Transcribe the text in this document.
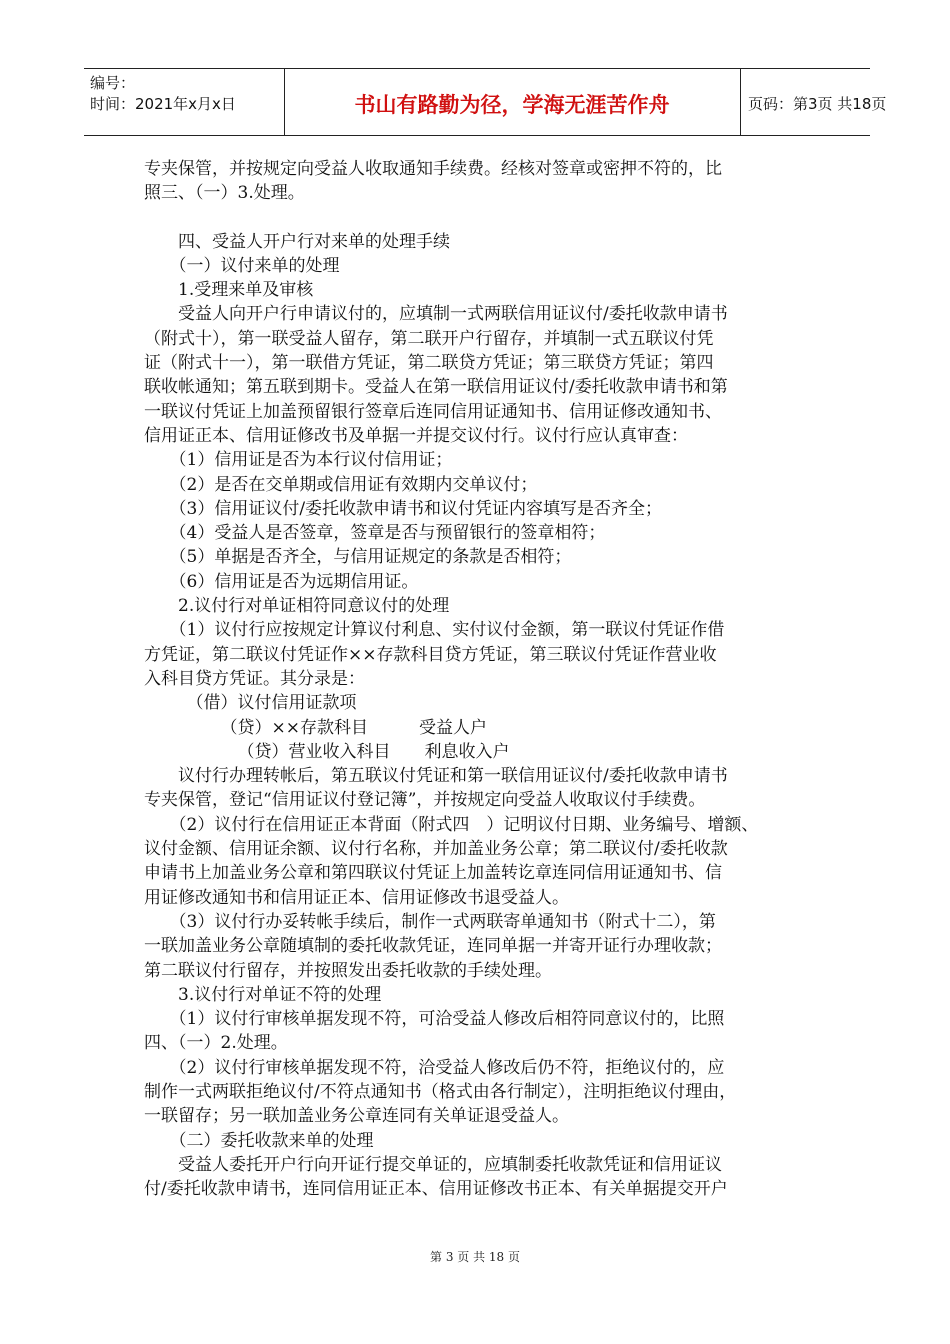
编号：
时间：2021年x月x日	书山有路勤为径，学海无涯苦作舟	页码：第3页 共18页

专夹保管，并按规定向受益人收取通知手续费。经核对签章或密押不符的，比

照三、（一）3.处理。

　　四、受益人开户行对来单的处理手续

　　（一）议付来单的处理

　　1.受理来单及审核

　　受益人向开户行申请议付的，应填制一式两联信用证议付/委托收款申请书

（附式十），第一联受益人留存，第二联开户行留存，并填制一式五联议付凭

证（附式十一），第一联借方凭证，第二联贷方凭证；第三联贷方凭证；第四

联收帐通知；第五联到期卡。受益人在第一联信用证议付/委托收款申请书和第

一联议付凭证上加盖预留银行签章后连同信用证通知书、信用证修改通知书、

信用证正本、信用证修改书及单据一并提交议付行。议付行应认真审查：

　　（1）信用证是否为本行议付信用证；

　　（2）是否在交单期或信用证有效期内交单议付；

　　（3）信用证议付/委托收款申请书和议付凭证内容填写是否齐全；

　　（4）受益人是否签章，签章是否与预留银行的签章相符；

　　（5）单据是否齐全，与信用证规定的条款是否相符；

　　（6）信用证是否为远期信用证。

　　2.议付行对单证相符同意议付的处理

　　（1）议付行应按规定计算议付利息、实付议付金额，第一联议付凭证作借

方凭证，第二联议付凭证作××存款科目贷方凭证，第三联议付凭证作营业收

入科目贷方凭证。其分录是：

　　　（借）议付信用证款项

　　　　　（贷）××存款科目　　　受益人户

　　　　　　（贷）营业收入科目　　利息收入户

　　议付行办理转帐后，第五联议付凭证和第一联信用证议付/委托收款申请书

专夹保管，登记“信用证议付登记簿”，并按规定向受益人收取议付手续费。

　　（2）议付行在信用证正本背面（附式四　）记明议付日期、业务编号、增额、

议付金额、信用证余额、议付行名称，并加盖业务公章；第二联议付/委托收款

申请书上加盖业务公章和第四联议付凭证上加盖转讫章连同信用证通知书、信

用证修改通知书和信用证正本、信用证修改书退受益人。

　　（3）议付行办妥转帐手续后，制作一式两联寄单通知书（附式十二），第

一联加盖业务公章随填制的委托收款凭证，连同单据一并寄开证行办理收款；

第二联议付行留存，并按照发出委托收款的手续处理。

　　3.议付行对单证不符的处理

　　（1）议付行审核单据发现不符，可洽受益人修改后相符同意议付的，比照

四、（一）2.处理。

　　（2）议付行审核单据发现不符，洽受益人修改后仍不符，拒绝议付的，应

制作一式两联拒绝议付/不符点通知书（格式由各行制定），注明拒绝议付理由，

一联留存；另一联加盖业务公章连同有关单证退受益人。

　　（二）委托收款来单的处理

　　受益人委托开户行向开证行提交单证的，应填制委托收款凭证和信用证议

付/委托收款申请书，连同信用证正本、信用证修改书正本、有关单据提交开户

第 3 页 共 18 页
